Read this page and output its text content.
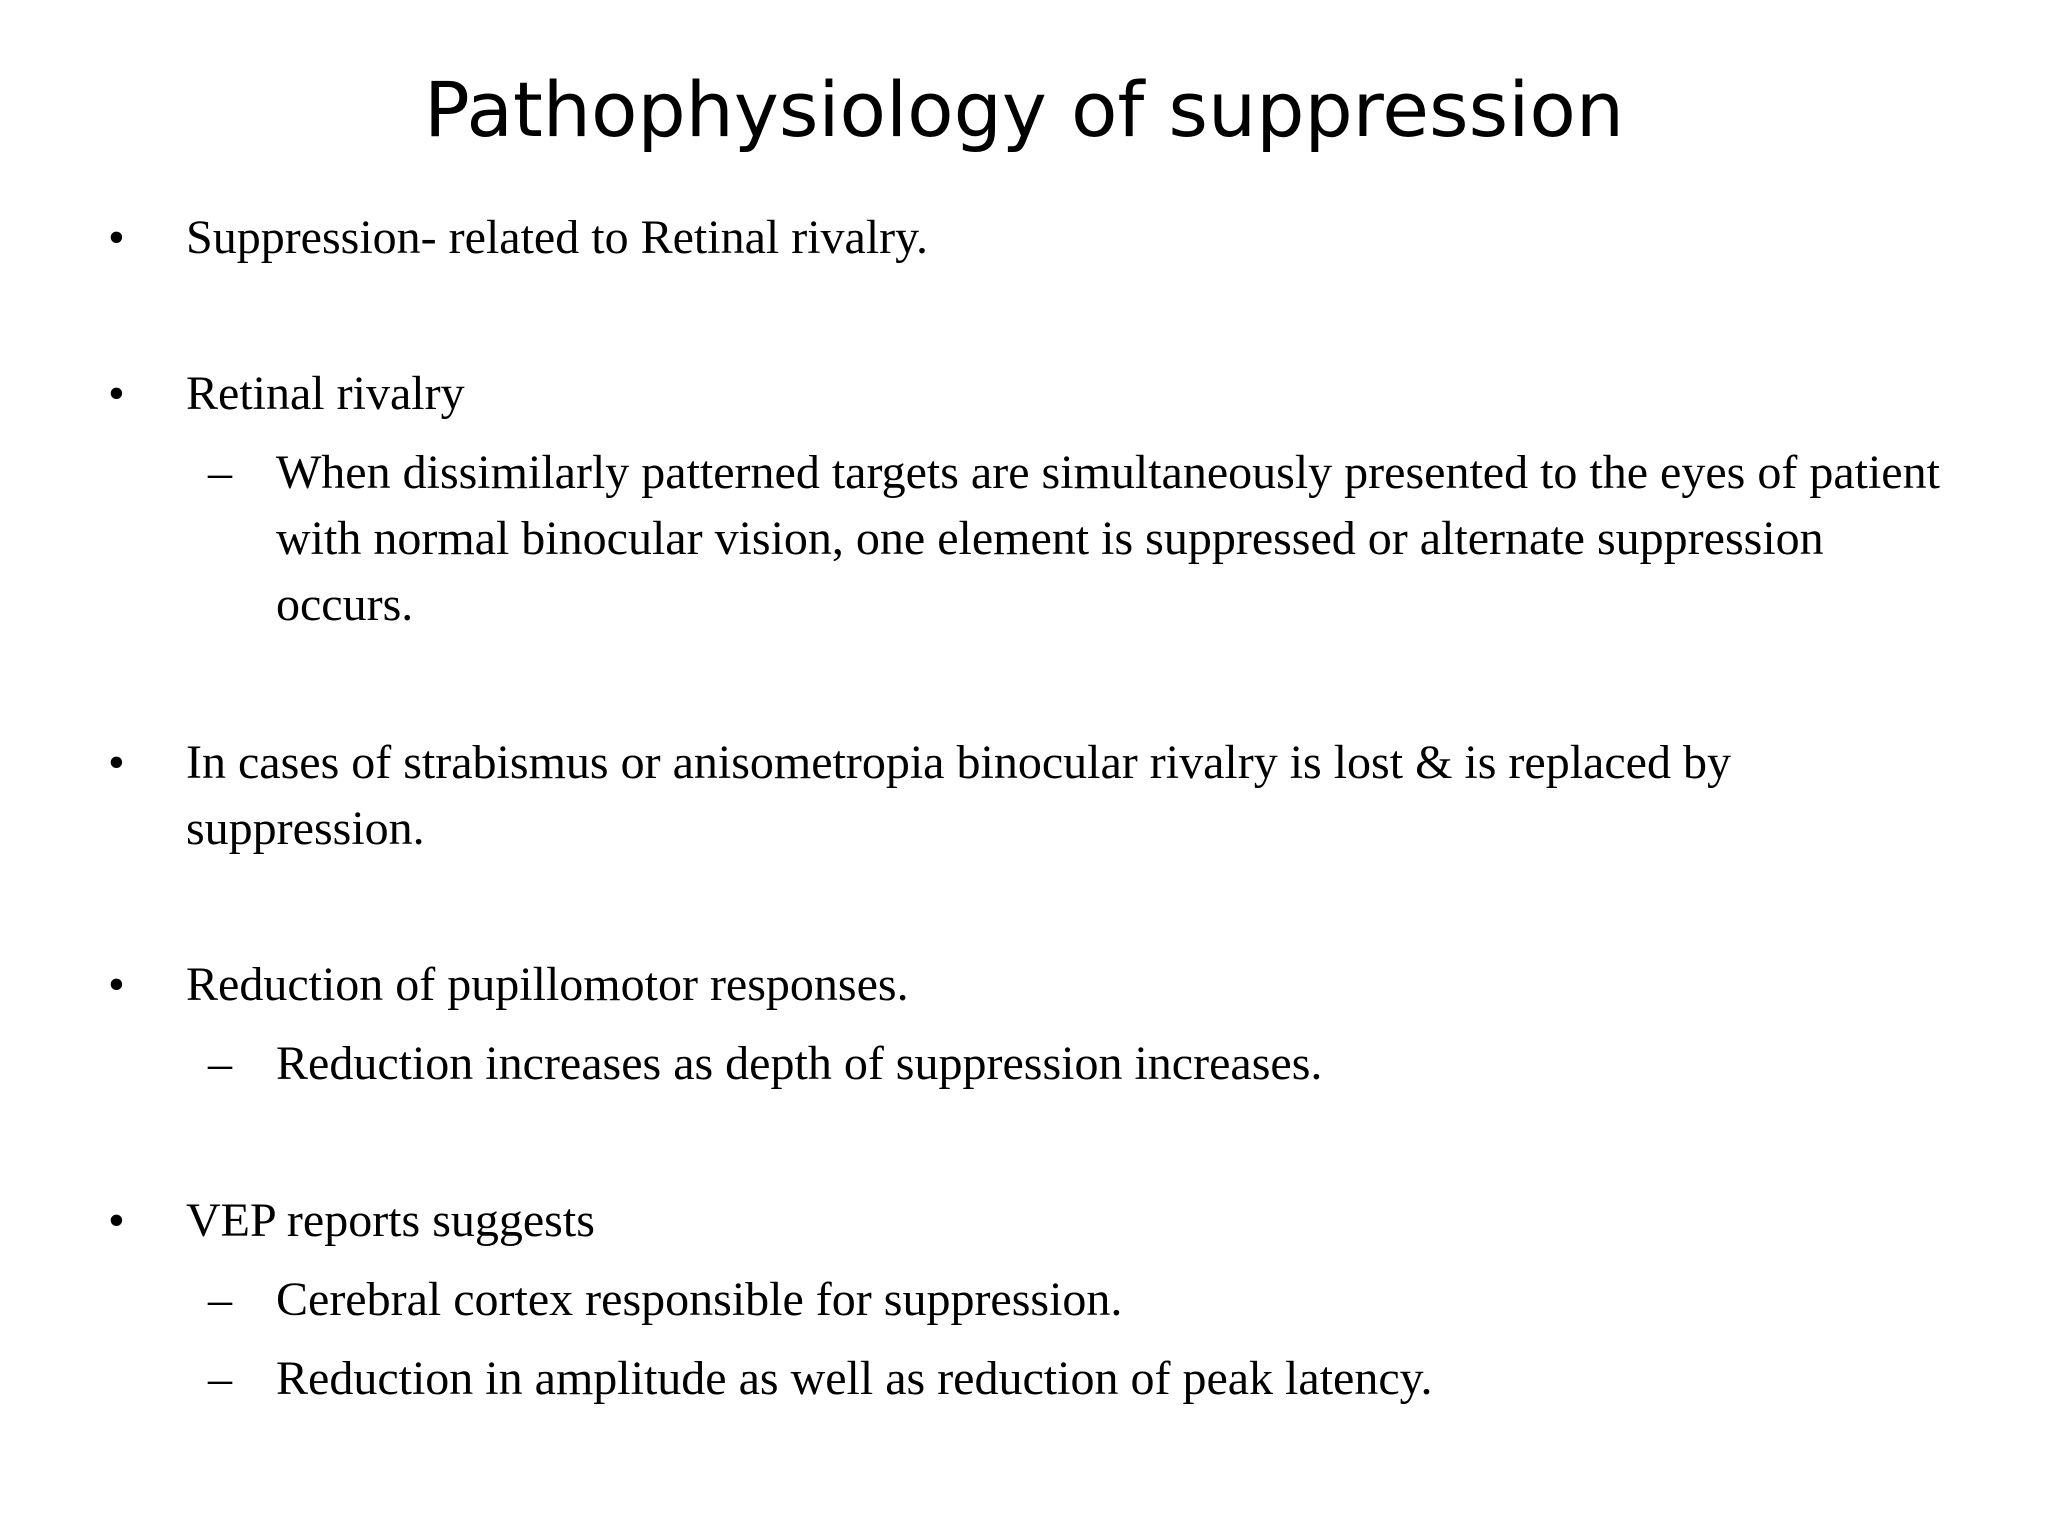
Pathophysiology of suppression
• Suppression- related to Retinal rivalry.
• Retinal rivalry
– When dissimilarly patterned targets are simultaneously presented to the eyes of patient with normal binocular vision, one element is suppressed or alternate suppression occurs.
• In cases of strabismus or anisometropia binocular rivalry is lost & is replaced by suppression.
• Reduction of pupillomotor responses.
– Reduction increases as depth of suppression increases.
• VEP reports suggests
– Cerebral cortex responsible for suppression.
– Reduction in amplitude as well as reduction of peak latency.
